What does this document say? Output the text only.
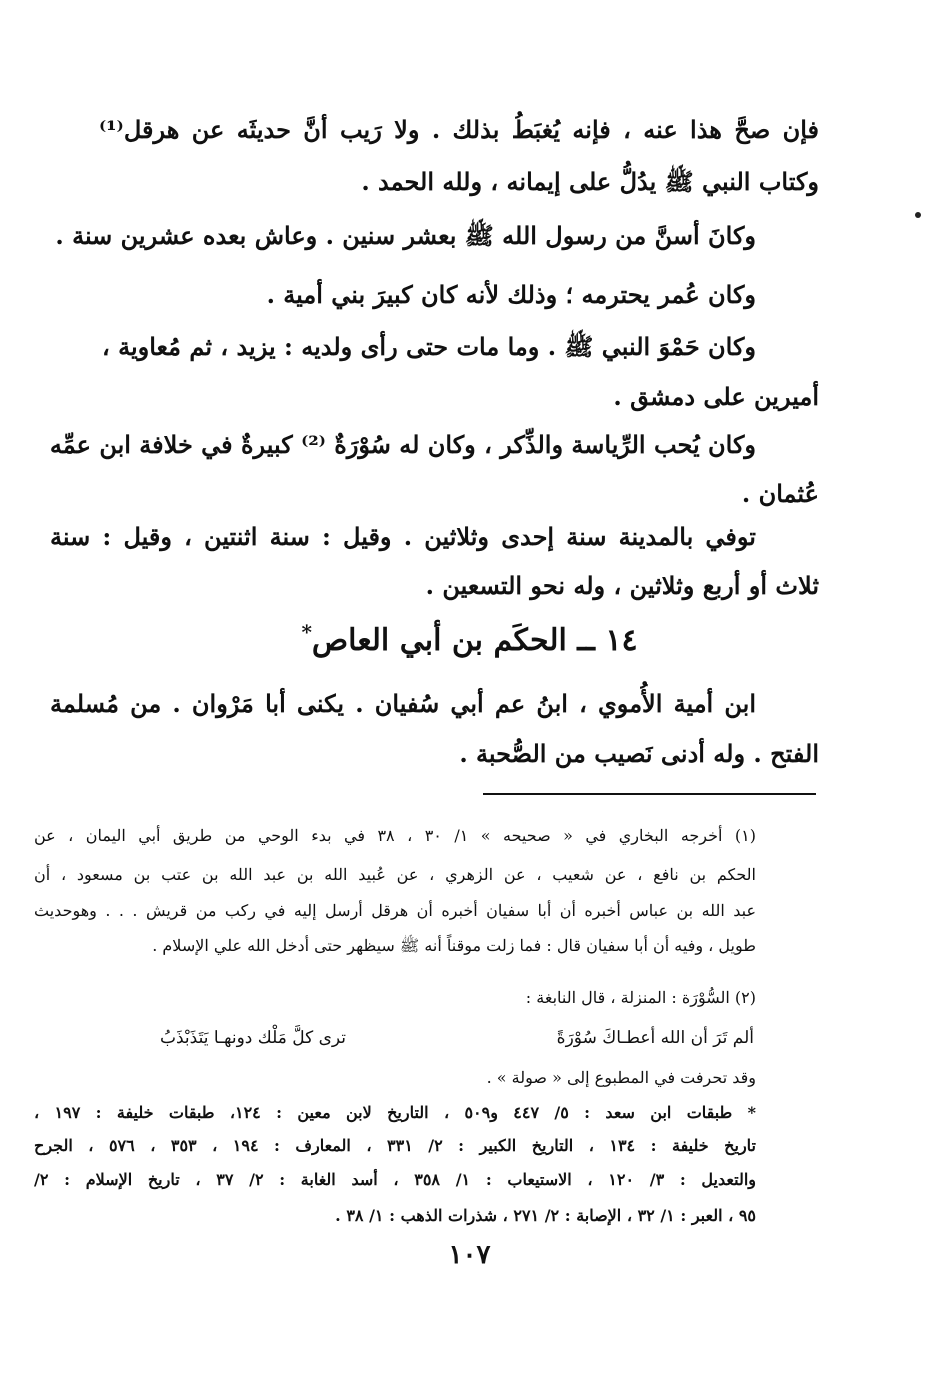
فإن صحَّ هذا عنه ، فإنه يُغبَطُ بذلك . ولا رَيب أنَّ حديثَه عن هرقل⁽¹⁾
وكتاب النبي ﷺ يدُلُّ على إيمانه ، ولله الحمد .
وكانَ أسنَّ من رسول الله ﷺ بعشر سنين . وعاش بعده عشرين سنة .
وكان عُمر يحترمه ؛ وذلك لأنه كان كبيرَ بني أمية .
وكان حَمْوَ النبي ﷺ . وما مات حتى رأى ولديه : يزيد ، ثم مُعاوية ،
أميرين على دمشق .
وكان يُحب الرِّياسة والذِّكر ، وكان له سُوْرَةٌ ⁽²⁾ كبيرةٌ في خلافة ابن عمِّه
عُثمان .
توفي بالمدينة سنة إحدى وثلاثين . وقيل : سنة اثنتين ، وقيل : سنة
ثلاث أو أربع وثلاثين ، وله نحو التسعين .
١٤ ــ الحكَم بن أبي العاص*
ابن أمية الأُموي ، ابنُ عم أبي سُفيان . يكنى أبا مَرْوان . من مُسلمة
الفتح . وله أدنى نَصيب من الصُّحبة .
(١) أخرجه البخاري في « صحيحه » ١/ ٣٠ ، ٣٨ في بدء الوحي من طريق أبي اليمان ، عن
الحكم بن نافع ، عن شعيب ، عن الزهري ، عن عُبيد الله بن عبد الله بن عتب بن مسعود ، أن
عبد الله بن عباس أخبره أن أبا سفيان أخبره أن هرقل أرسل إليه في ركب من قريش . . . وهوحديث
طويل ، وفيه أن أبا سفيان قال : فما زلت موقناً أنه ﷺ سيظهر حتى أدخل الله علي الإسلام .
(٢) السُّوْرَة : المنزلة ، قال النابغة :
ألم تَرَ أن الله أعطـاكَ سُوْرَةً
ترى كلَّ مَلْك دونهـا يَتَذَبْذَبُ
وقد تحرفت في المطبوع إلى « صولة » .
* طبقات ابن سعد : ٥/ ٤٤٧ و٥٠٩ ، التاريخ لابن معين : ١٢٤، طبقات خليفة : ١٩٧ ،
تاريخ خليفة : ١٣٤ ، التاريخ الكبير : ٢/ ٣٣١ ، المعارف : ١٩٤ ، ٣٥٣ ، ٥٧٦ ، الجرح
والتعديل : ٣/ ١٢٠ ، الاستيعاب : ١/ ٣٥٨ ، أسد الغابة : ٢/ ٣٧ ، تاريخ الإسلام : ٢/
٩٥ ، العبر : ١/ ٣٢ ، الإصابة : ٢/ ٢٧١ ، شذرات الذهب : ١/ ٣٨ .
١٠٧
